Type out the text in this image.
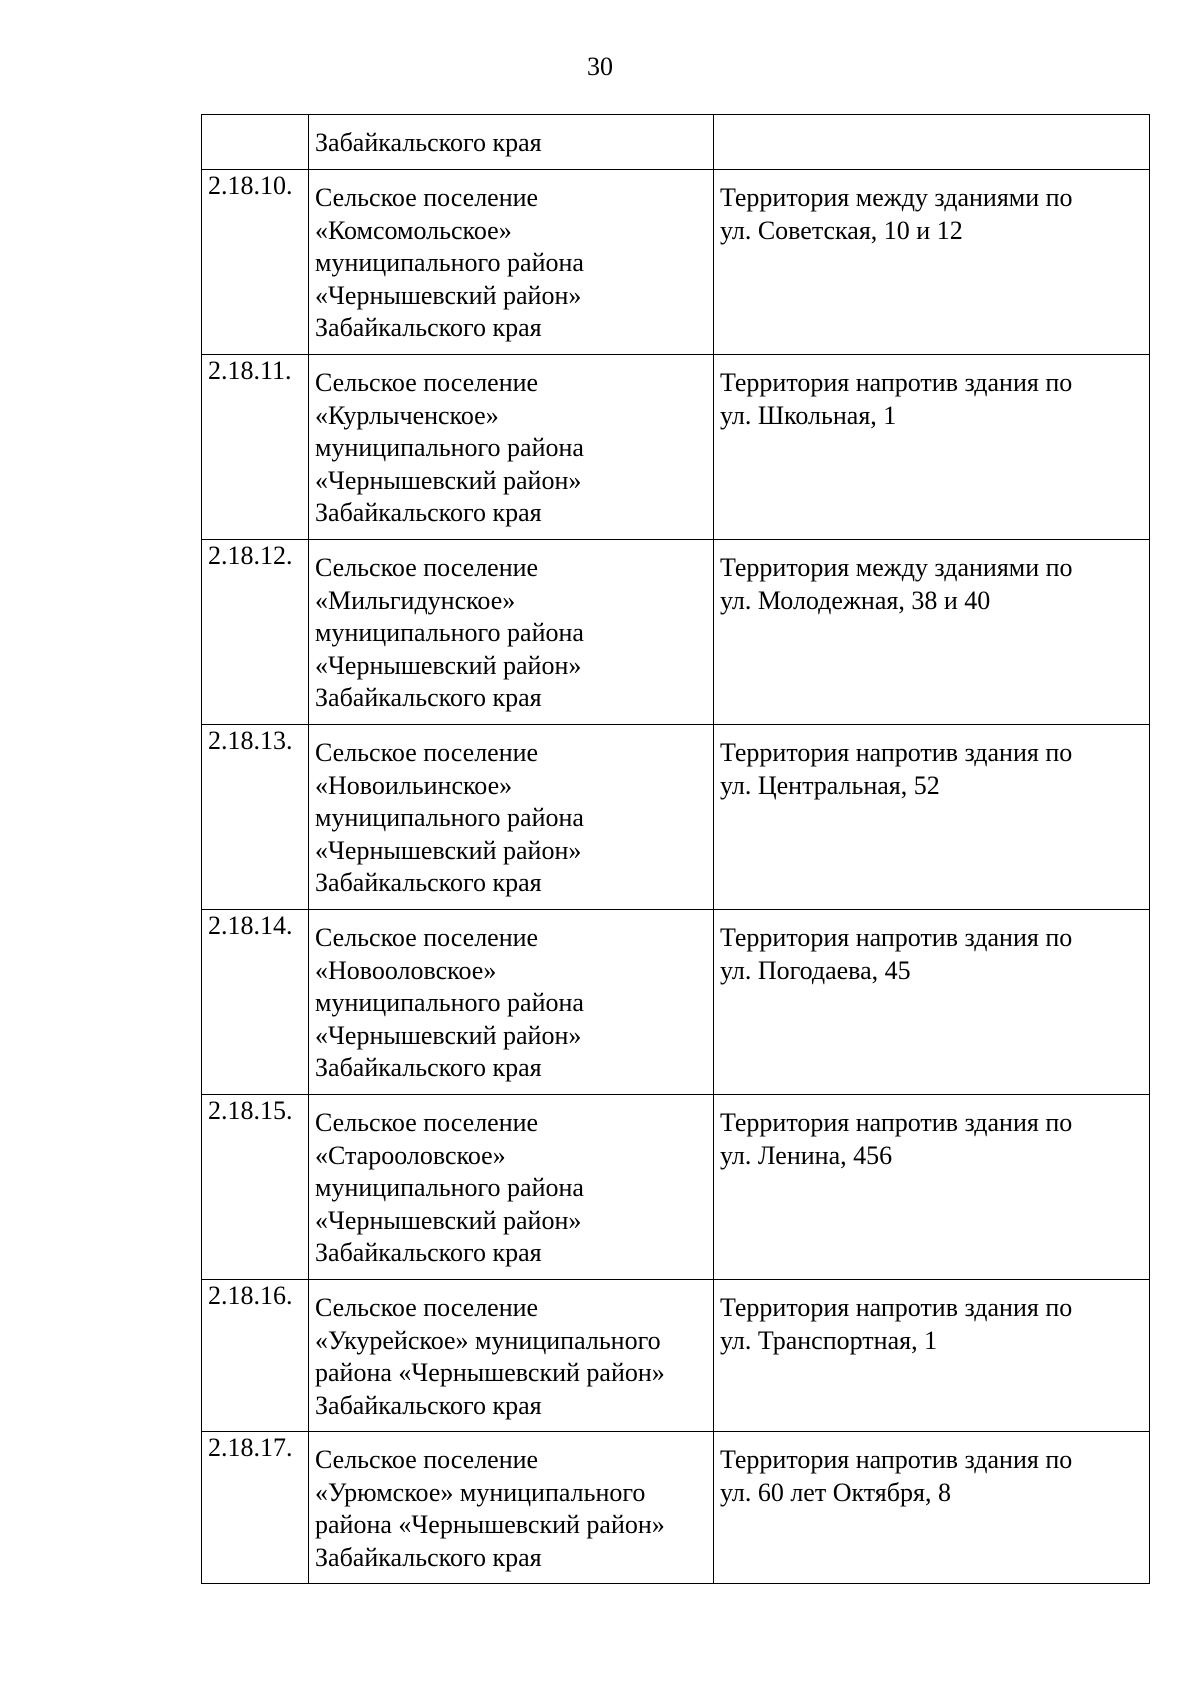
30

	Забайкальского края	

2.18.10.	Сельское поселение
«Комсомольское»
муниципального района
«Чернышевский район»
Забайкальского края	Территория между зданиями по
ул. Советская, 10 и 12

2.18.11.	Сельское поселение
«Курлыченское»
муниципального района
«Чернышевский район»
Забайкальского края	Территория напротив здания по
ул. Школьная, 1

2.18.12.	Сельское поселение
«Мильгидунское»
муниципального района
«Чернышевский район»
Забайкальского края	Территория между зданиями по
ул. Молодежная, 38 и 40

2.18.13.	Сельское поселение
«Новоильинское»
муниципального района
«Чернышевский район»
Забайкальского края	Территория напротив здания по
ул. Центральная, 52

2.18.14.	Сельское поселение
«Новооловское»
муниципального района
«Чернышевский район»
Забайкальского края	Территория напротив здания по
ул. Погодаева, 45

2.18.15.	Сельское поселение
«Старооловское»
муниципального района
«Чернышевский район»
Забайкальского края	Территория напротив здания по
ул. Ленина, 456

2.18.16.	Сельское поселение
«Укурейское» муниципального
района «Чернышевский район»
Забайкальского края	Территория напротив здания по
ул. Транспортная, 1

2.18.17.	Сельское поселение
«Урюмское» муниципального
района «Чернышевский район»
Забайкальского края	Территория напротив здания по
ул. 60 лет Октября, 8
